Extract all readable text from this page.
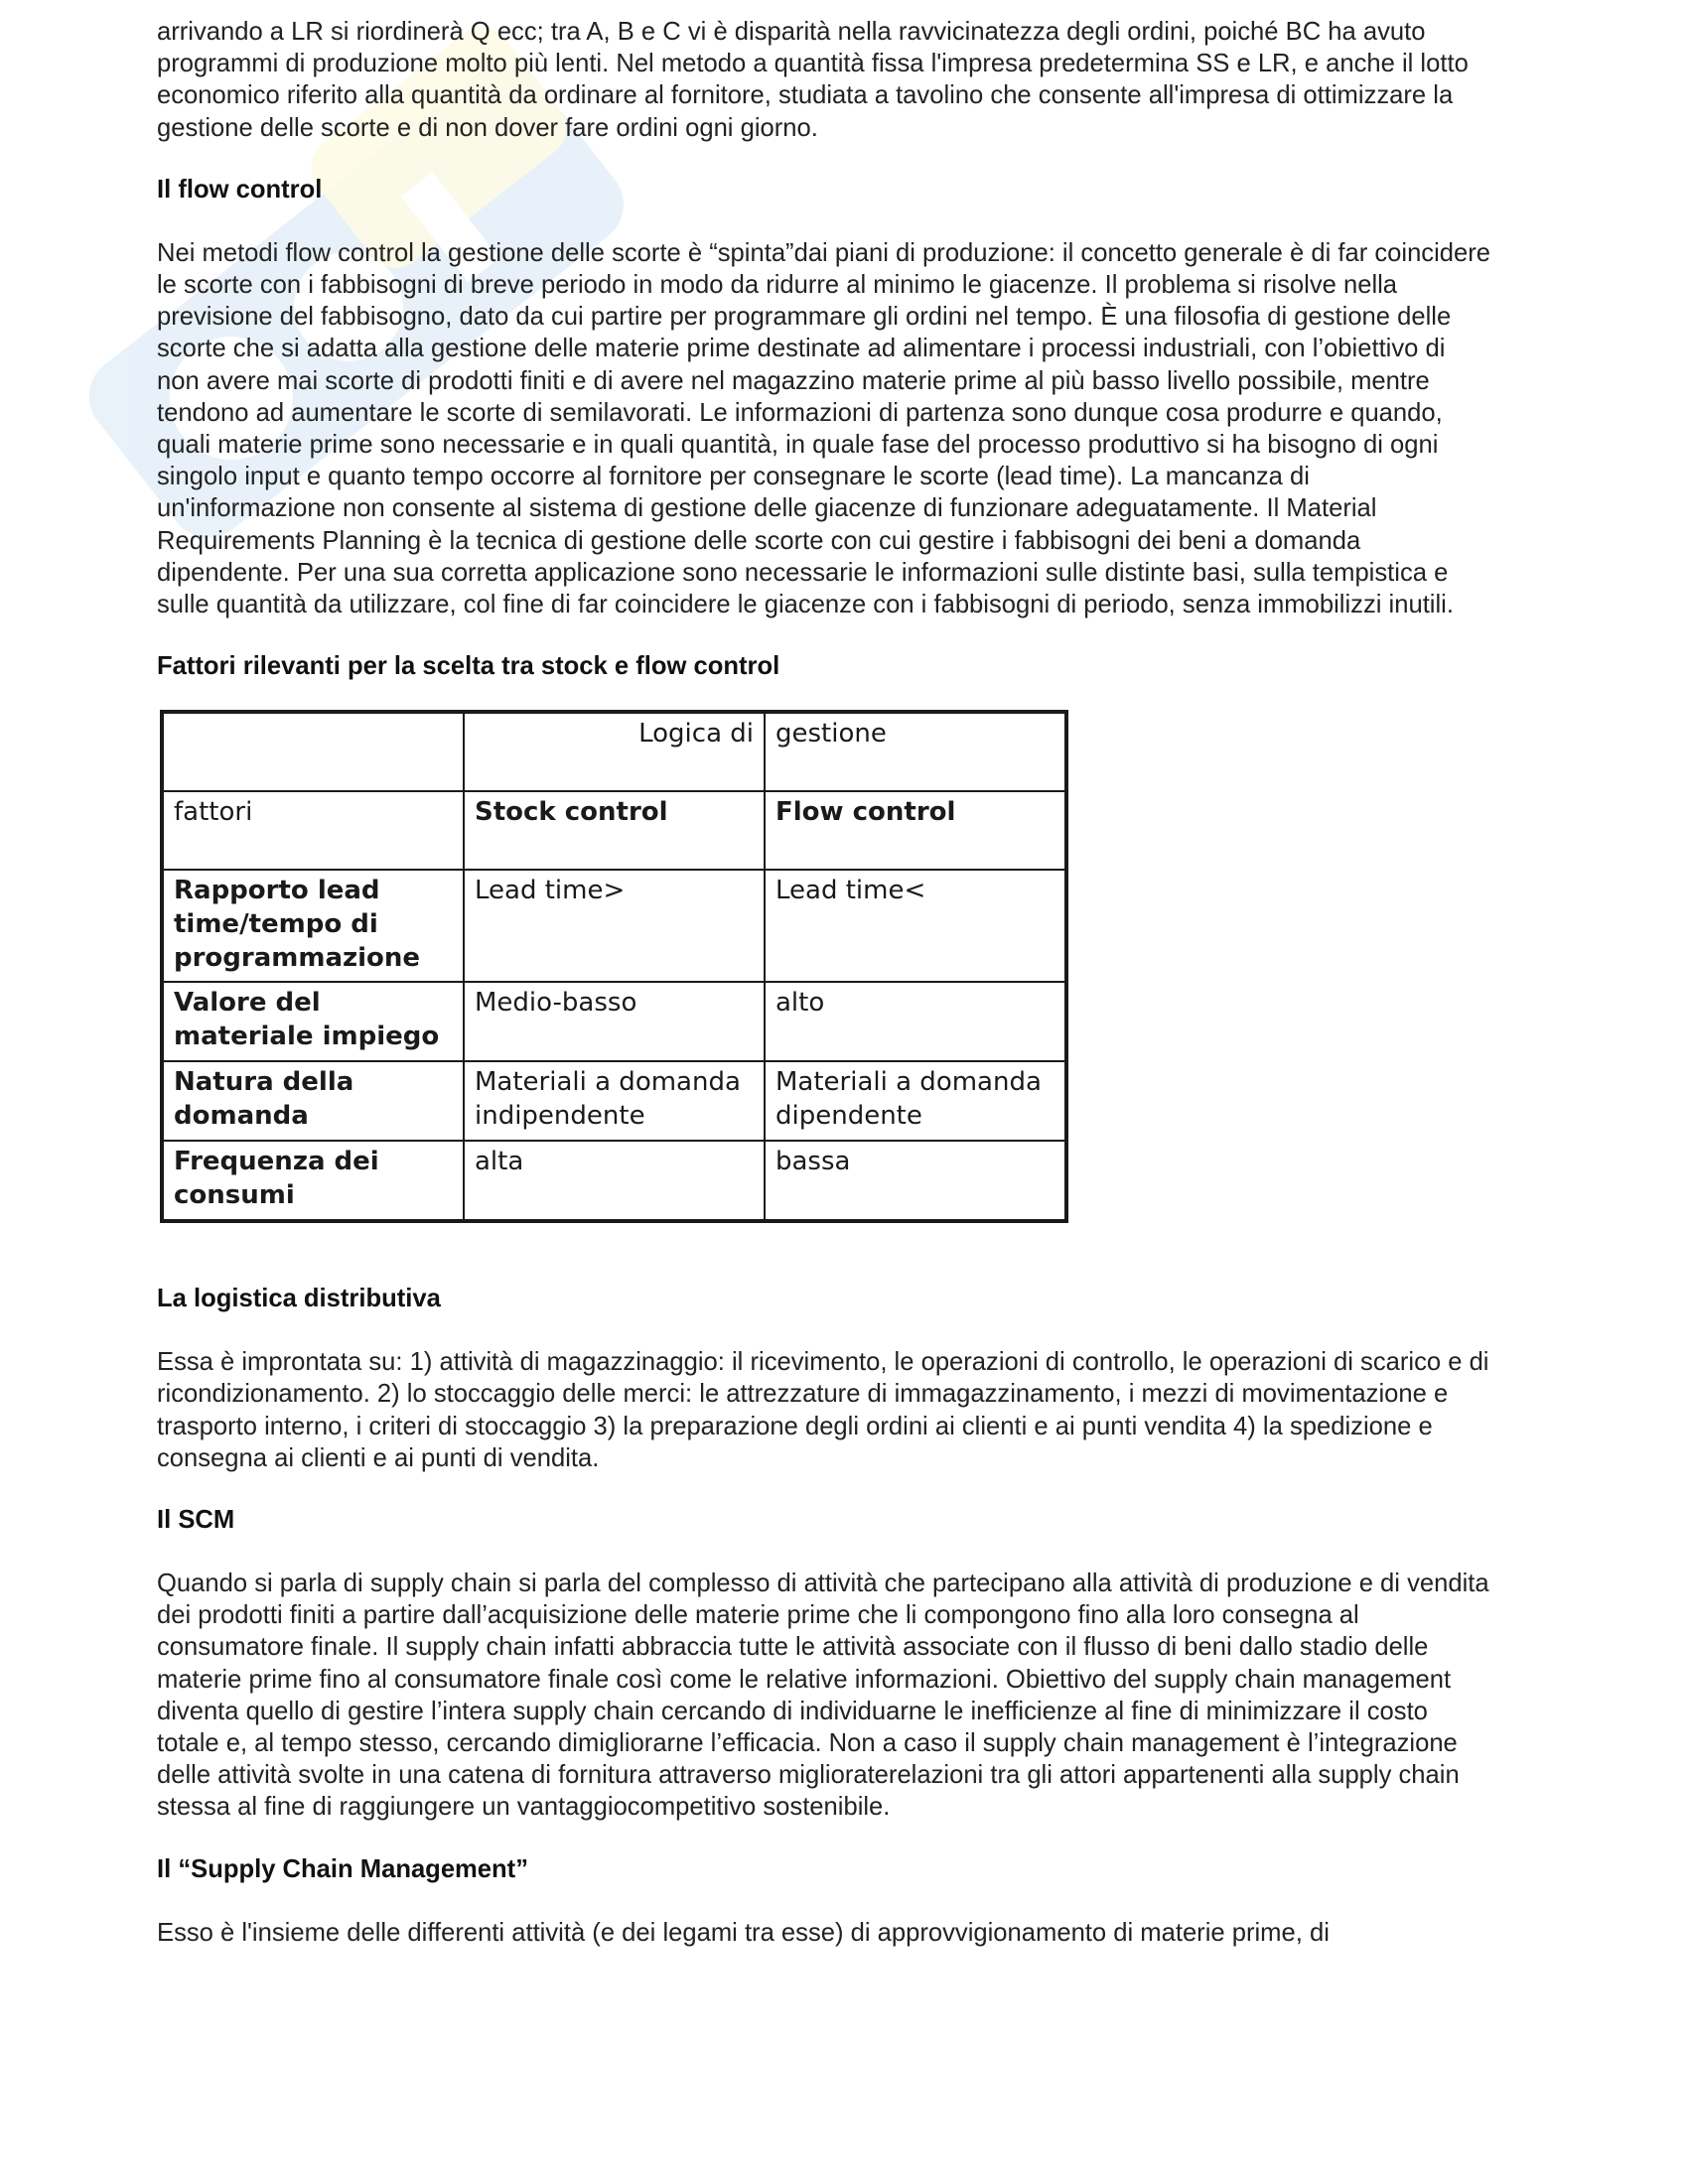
arrivando a LR si riordinerà Q ecc; tra A, B e C vi è disparità nella ravvicinatezza degli ordini, poiché BC ha avuto programmi di produzione molto più lenti. Nel metodo a quantità fissa l'impresa predetermina SS e LR, e anche il lotto economico riferito alla quantità da ordinare al fornitore, studiata a tavolino che consente all'impresa di ottimizzare la gestione delle scorte e di non dover fare ordini ogni giorno.

Il flow control

Nei metodi flow control la gestione delle scorte è “spinta”dai piani di produzione: il concetto generale è di far coincidere le scorte con i fabbisogni di breve periodo in modo da ridurre al minimo le giacenze. Il problema si risolve nella previsione del fabbisogno, dato da cui partire per programmare gli ordini nel tempo. È una filosofia di gestione delle scorte che si adatta alla gestione delle materie prime destinate ad alimentare i processi industriali, con l’obiettivo di non avere mai scorte di prodotti finiti e di avere nel magazzino materie prime al più basso livello possibile, mentre tendono ad aumentare le scorte di semilavorati. Le informazioni di partenza sono dunque cosa produrre e quando, quali materie prime sono necessarie e in quali quantità, in quale fase del processo produttivo si ha bisogno di ogni singolo input e quanto tempo occorre al fornitore per consegnare le scorte (lead time). La mancanza di un'informazione non consente al sistema di gestione delle giacenze di funzionare adeguatamente. Il Material Requirements Planning è la tecnica di gestione delle scorte con cui gestire i fabbisogni dei beni a domanda dipendente. Per una sua corretta applicazione sono necessarie le informazioni sulle distinte basi, sulla tempistica e sulle quantità da utilizzare, col fine di far coincidere le giacenze con i fabbisogni di periodo, senza immobilizzi inutili.

Fattori rilevanti per la scelta tra stock e flow control
	Logica di	gestione
fattori	Stock control	Flow control
Rapporto lead time/tempo di programmazione	Lead time>	Lead time<
Valore del materiale impiego	Medio-basso	alto
Natura della domanda	Materiali a domanda indipendente	Materiali a domanda dipendente
Frequenza dei consumi	alta	bassa
La logistica distributiva

Essa è improntata su: 1) attività di magazzinaggio: il ricevimento, le operazioni di controllo, le operazioni di scarico e di ricondizionamento. 2) lo stoccaggio delle merci: le attrezzature di immagazzinamento, i mezzi di movimentazione e trasporto interno, i criteri di stoccaggio 3) la preparazione degli ordini ai clienti e ai punti vendita 4) la spedizione e consegna ai clienti e ai punti di vendita.

Il SCM

Quando si parla di supply chain si parla del complesso di attività che partecipano alla attività di produzione e di vendita dei prodotti finiti a partire dall’acquisizione delle materie prime che li compongono fino alla loro consegna al consumatore finale. Il supply chain infatti abbraccia tutte le attività associate con il flusso di beni dallo stadio delle materie prime fino al consumatore finale così come le relative informazioni. Obiettivo del supply chain management diventa quello di gestire l’intera supply chain cercando di individuarne le inefficienze al fine di minimizzare il costo totale e, al tempo stesso, cercando dimigliorarne l’efficacia. Non a caso il supply chain management è l’integrazione delle attività svolte in una catena di fornitura attraverso miglioraterelazioni tra gli attori appartenenti alla supply chain stessa al fine di raggiungere un vantaggiocompetitivo sostenibile.

Il “Supply Chain Management”

Esso è l'insieme delle differenti attività (e dei legami tra esse) di approvvigionamento di materie prime, di
